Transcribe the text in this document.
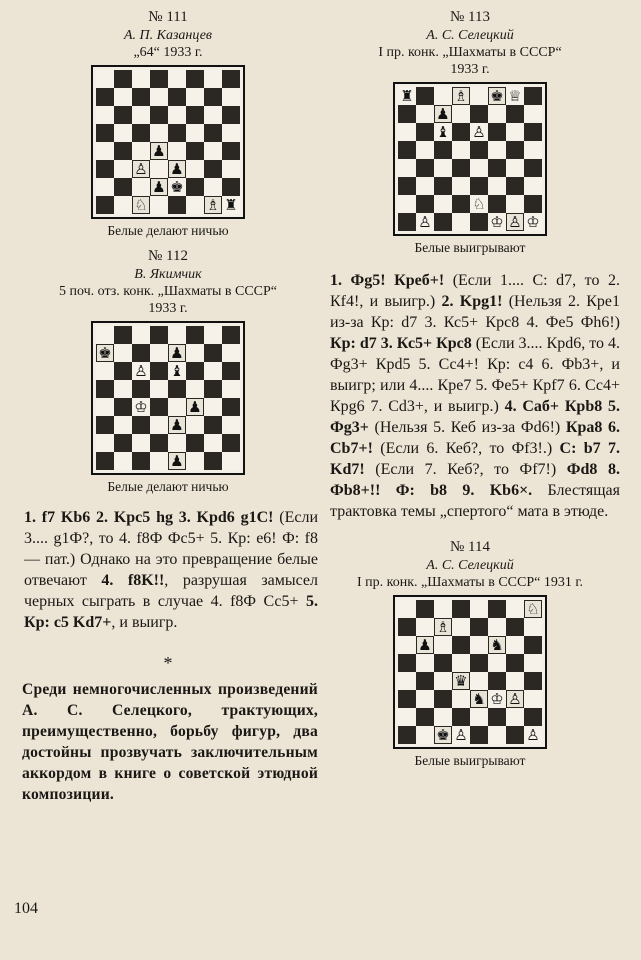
№ 111
А. П. Казанцев
„64“ 1933 г.
♟
♙ ♟
♟ ♚
♘	♗ ♜
Белые делают ничью
№ 112
В. Якимчик
5 поч. отз. конк. „Шахматы в СССР“
1933 г.
♚
♙
♟
♝
♔	♟
♟
♟
Белые делают ничью
1. f7 Kb6 2. Kpc5 hg 3. Kpd6 g1C! (Если 3.... g1Ф?, то 4. f8Ф Фс5+ 5. Кр: е6! Ф: f8— пат.) Однако на это превращение белые отвечают 4. f8K!!, разрушая замысел черных сыграть в случае 4. f8Ф Сс5+ 5. Кр: с5 Kd7+, и выигр.
*
Среди немногочисленных произведений А. С. Селецкого, трактующих, преимущественно, борьбу фигур, два достойны прозвучать заключительным аккордом в книге о советской этюдной композиции.
№ 113
А. С. Селецкий
I пр. конк. „Шахматы в СССР“
1933 г.
♜	♗ ♚ ♕
♟
♝ ♙
♘
♙	♔
♔ ♙
Белые выигрывают
1. Фg5! Креб+! (Если 1.... С: d7, то 2. Кf4!, и выигр.) 2. Kpg1! (Нельзя 2. Кре1 из-за Кр: d7 3. Кс5+ Крс8 4. Фе5 Фh6!) Кр: d7 3. Кс5+ Крс8 (Если 3.... Крd6, то 4. Фg3+ Крd5 5. Сс4+! Кр: с4 6. Фb3+, и выигр; или 4.... Кре7 5. Фе5+ Крf7 6. Сс4+ Крg6 7. Cd3+, и выигр.) 4. Саб+ Крb8 5. Фg3+ (Нельзя 5. Кеб из-за Фd6!) Кра8 6. Cb7+! (Если 6. Кеб?, то Фf3!.) С: b7 7. Kd7! (Если 7. Кеб?, то Фf7!) Фd8 8. Фb8+!! Ф: b8 9. Kb6×. Блестящая трактовка темы „спертого“ мата в этюде.
№ 114
А. С. Селецкий
I пр. конк. „Шахматы в СССР“ 1931 г.
♘
♗
♟	♞
♛
♞ ♙
♔
♚ ♙	♙
Белые выигрывают
104
